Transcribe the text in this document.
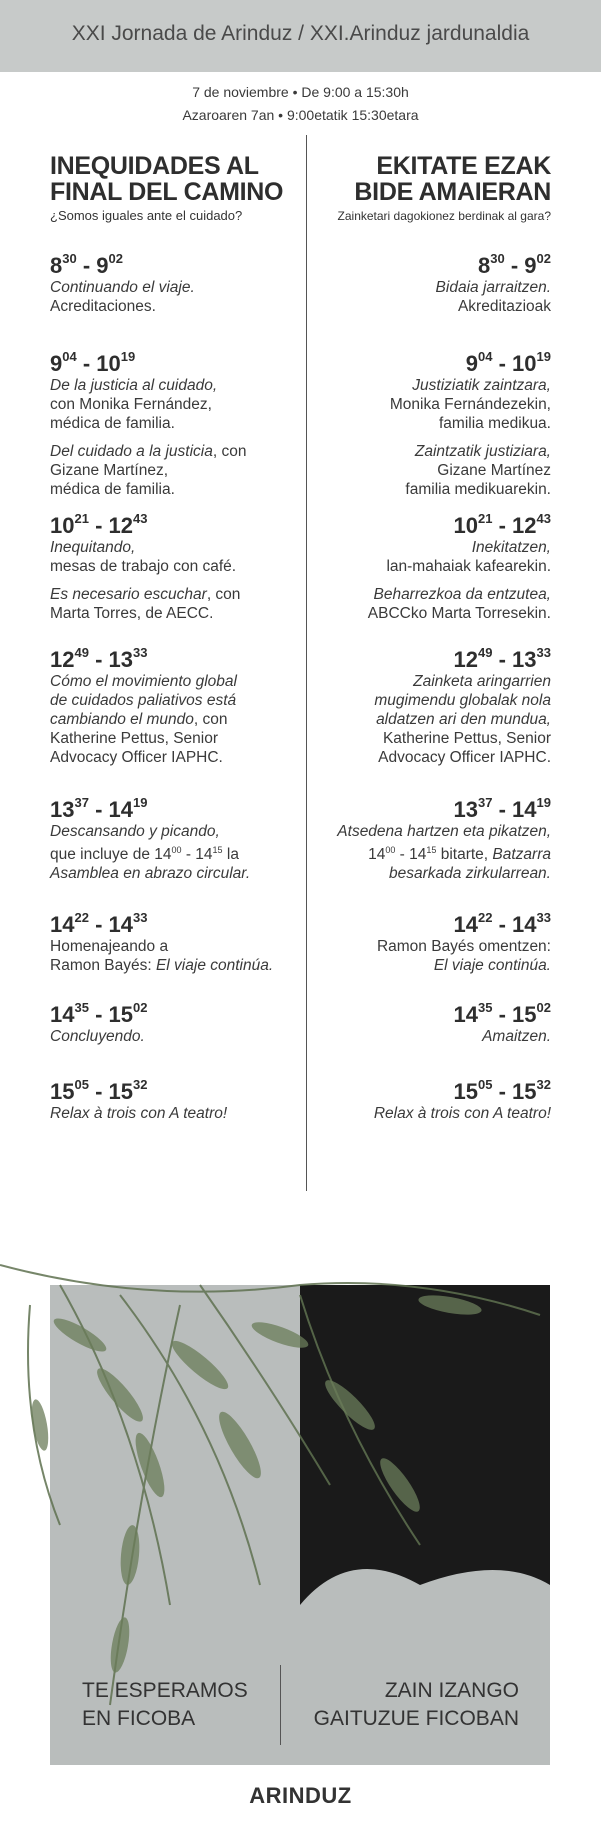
XXI Jornada de Arinduz / XXI.Arinduz jardunaldia
7 de noviembre • De 9:00 a 15:30h
Azaroaren 7an • 9:00etatik 15:30etara
INEQUIDADES AL
FINAL DEL CAMINO
¿Somos iguales ante el cuidado?
$8^{30} - 9^{02}$
Continuando el viaje.
Acreditaciones.
$9^{04} - 10^{19}$
De la justicia al cuidado,
con Monika Fernández,
médica de familia.
Del cuidado a la justicia, con
Gizane Martínez,
médica de familia.
$10^{21} - 12^{43}$
Inequitando,
mesas de trabajo con café.
Es necesario escuchar, con
Marta Torres, de AECC.
$12^{49} - 13^{33}$
Cómo el movimiento global
de cuidados paliativos está
cambiando el mundo, con
Katherine Pettus, Senior
Advocacy Officer IAPHC.
$13^{37} - 14^{19}$
Descansando y picando,
que incluye de $14^{00} - 14^{15}$ la
Asamblea en abrazo circular.
$14^{22} - 14^{33}$
Homenajeando a
Ramon Bayés: El viaje continúa.
$14^{35} - 15^{02}$
Concluyendo.
$15^{05} - 15^{32}$
Relax à trois con A teatro!
EKITATE EZAK
BIDE AMAIERAN
Zainketari dagokionez berdinak al gara?
$8^{30} - 9^{02}$
Bidaia jarraitzen.
Akreditazioak
$9^{04} - 10^{19}$
Justiziatik zaintzara,
Monika Fernándezekin,
familia medikua.
Zaintzatik justiziara,
Gizane Martínez
familia medikuarekin.
$10^{21} - 12^{43}$
Inekitatzen,
lan-mahaiak kafearekin.
Beharrezkoa da entzutea,
ABCCko Marta Torresekin.
$12^{49} - 13^{33}$
Zainketa aringarrien
mugimendu globalak nola
aldatzen ari den mundua,
Katherine Pettus, Senior
Advocacy Officer IAPHC.
$13^{37} - 14^{19}$
Atsedena hartzen eta pikatzen,
$14^{00} - 14^{15}$ bitarte, Batzarra
besarkada zirkularrean.
$14^{22} - 14^{33}$
Ramon Bayés omentzen:
El viaje continúa.
$14^{35} - 15^{02}$
Amaitzen.
$15^{05} - 15^{32}$
Relax à trois con A teatro!
TE ESPERAMOS
EN FICOBA
ZAIN IZANGO
GAITUZUE FICOBAN
ARINDUZ
